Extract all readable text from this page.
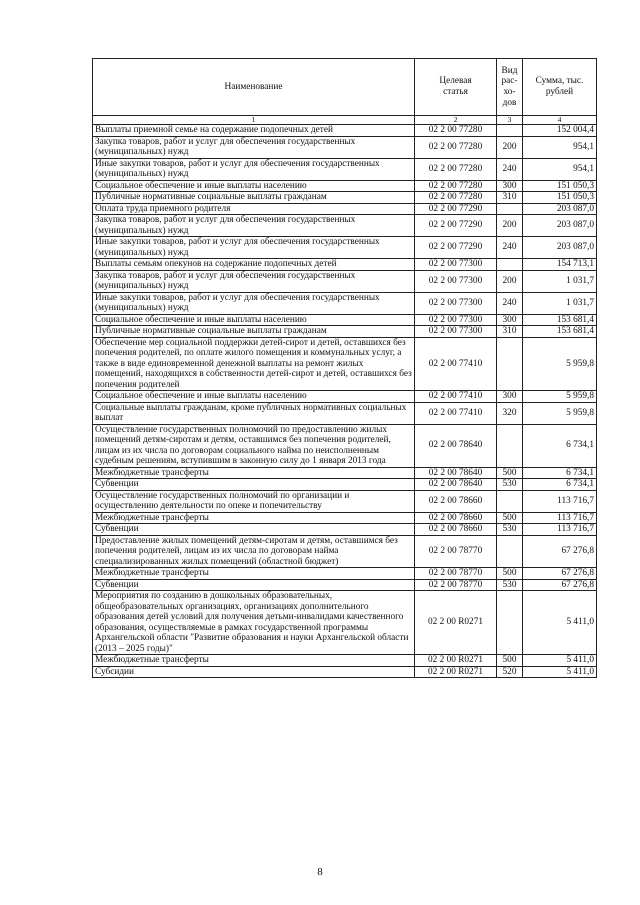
Наименование	Целевая статья	Вид рас- хо- дов	Сумма, тыс. рублей
1	2	3	4
Выплаты приемной семье на содержание подопечных детей	02 2 00 77280		152 004,4
Закупка товаров, работ и услуг для обеспечения государственных (муниципальных) нужд	02 2 00 77280	200	954,1
Иные закупки товаров, работ и услуг для обеспечения государственных (муниципальных) нужд	02 2 00 77280	240	954,1
Социальное обеспечение и иные выплаты населению	02 2 00 77280	300	151 050,3
Публичные нормативные социальные выплаты гражданам	02 2 00 77280	310	151 050,3
Оплата труда приемного родителя	02 2 00 77290		203 087,0
Закупка товаров, работ и услуг для обеспечения государственных (муниципальных) нужд	02 2 00 77290	200	203 087,0
Иные закупки товаров, работ и услуг для обеспечения государственных (муниципальных) нужд	02 2 00 77290	240	203 087,0
Выплаты семьям опекунов на содержание подопечных детей	02 2 00 77300		154 713,1
Закупка товаров, работ и услуг для обеспечения государственных (муниципальных) нужд	02 2 00 77300	200	1 031,7
Иные закупки товаров, работ и услуг для обеспечения государственных (муниципальных) нужд	02 2 00 77300	240	1 031,7
Социальное обеспечение и иные выплаты населению	02 2 00 77300	300	153 681,4
Публичные нормативные социальные выплаты гражданам	02 2 00 77300	310	153 681,4
Обеспечение мер социальной поддержки детей-сирот и детей, оставшихся без попечения родителей, по оплате жилого помещения и коммунальных услуг, а также в виде единовременной денежной выплаты на ремонт жилых помещений, находящихся в собственности детей-сирот и детей, оставшихся без попечения родителей	02 2 00 77410		5 959,8
Социальное обеспечение и иные выплаты населению	02 2 00 77410	300	5 959,8
Социальные выплаты гражданам, кроме публичных нормативных социальных выплат	02 2 00 77410	320	5 959,8
Осуществление государственных полномочий по предоставлению жилых помещений детям-сиротам и детям, оставшимся без попечения родителей, лицам из их числа по договорам социального найма по неисполненным судебным решениям, вступившим в законную силу до 1 января 2013 года	02 2 00 78640		6 734,1
Межбюджетные трансферты	02 2 00 78640	500	6 734,1
Субвенции	02 2 00 78640	530	6 734,1
Осуществление государственных полномочий по организации и осуществлению деятельности по опеке и попечительству	02 2 00 78660		113 716,7
Межбюджетные трансферты	02 2 00 78660	500	113 716,7
Субвенции	02 2 00 78660	530	113 716,7
Предоставление жилых помещений детям-сиротам и детям, оставшимся без попечения родителей, лицам из их числа по договорам найма специализированных жилых помещений (областной бюджет)	02 2 00 78770		67 276,8
Межбюджетные трансферты	02 2 00 78770	500	67 276,8
Субвенции	02 2 00 78770	530	67 276,8
Мероприятия по созданию в дошкольных образовательных, общеобразовательных организациях, организациях дополнительного образования детей условий для получения детьми-инвалидами качественного образования, осуществляемые в рамках государственной программы Архангельской области "Развитие образования и науки Архангельской области (2013 – 2025 годы)"	02 2 00 R0271		5 411,0
Межбюджетные трансферты	02 2 00 R0271	500	5 411,0
Субсидии	02 2 00 R0271	520	5 411,0
8
